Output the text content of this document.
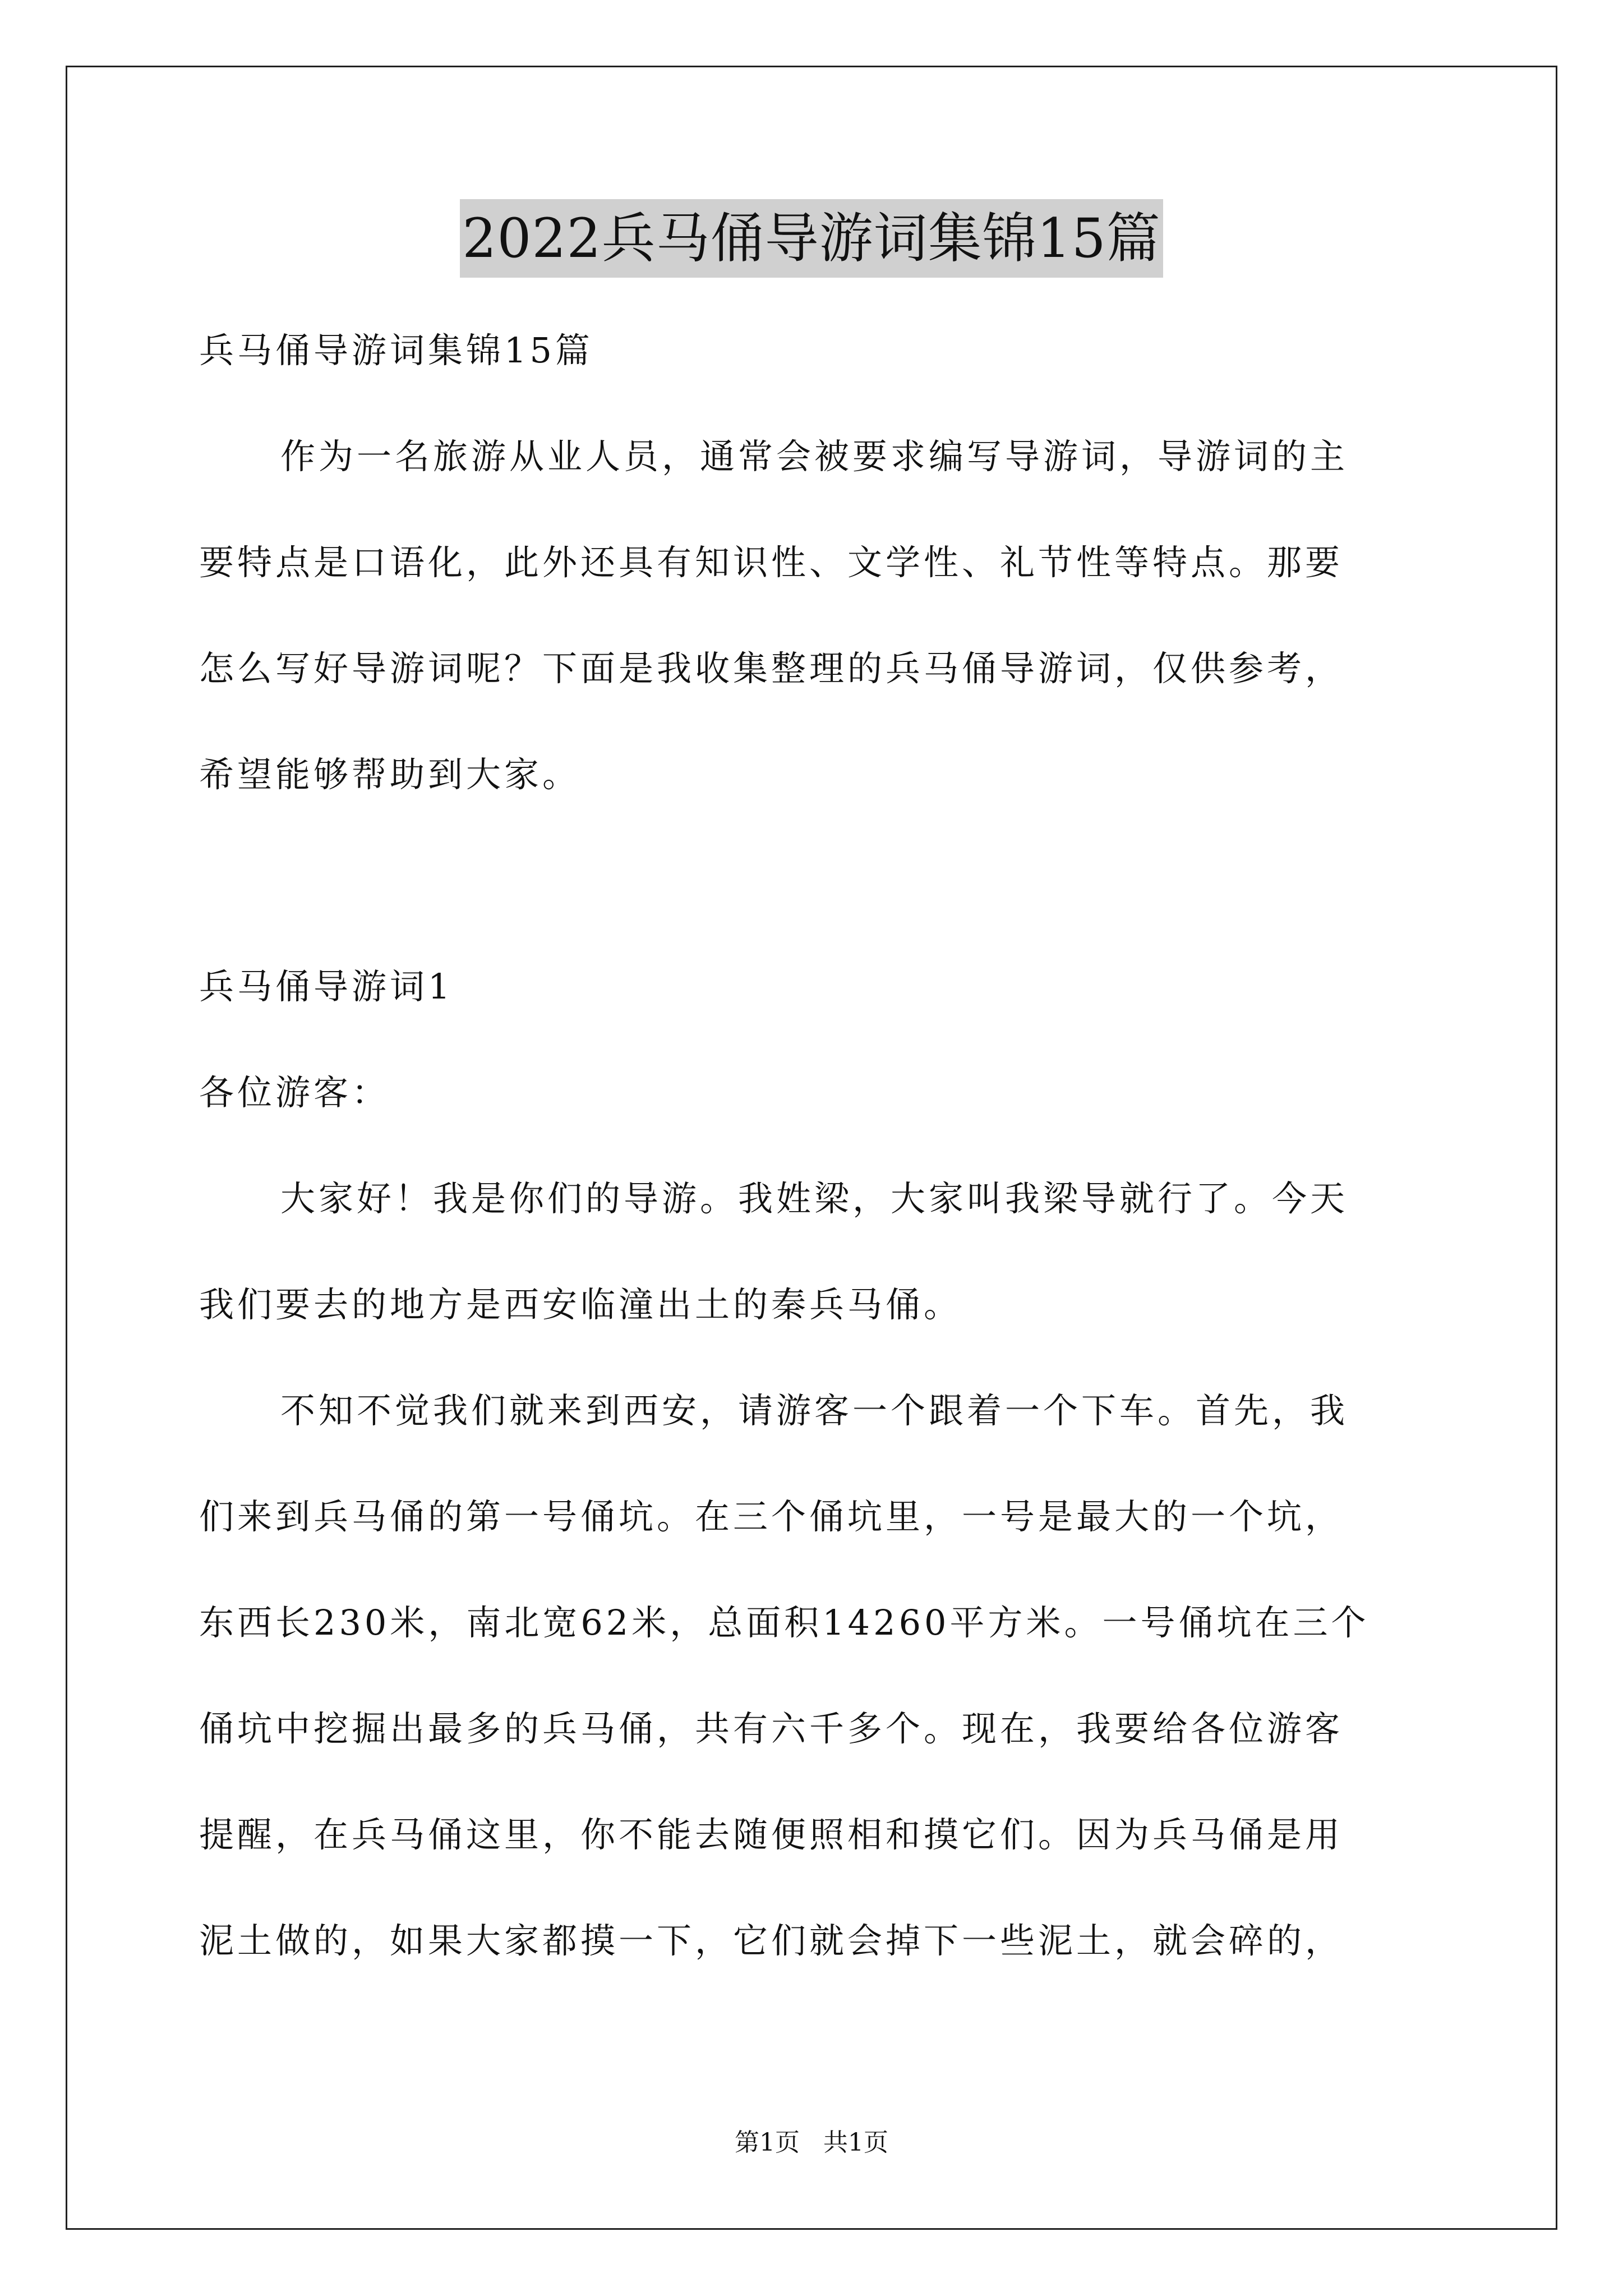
2022兵马俑导游词集锦15篇
兵马俑导游词集锦15篇
作为一名旅游从业人员，通常会被要求编写导游词，导游词的主
要特点是口语化，此外还具有知识性、文学性、礼节性等特点。那要
怎么写好导游词呢？下面是我收集整理的兵马俑导游词，仅供参考，
希望能够帮助到大家。
兵马俑导游词1
各位游客：
大家好！我是你们的导游。我姓梁，大家叫我梁导就行了。今天
我们要去的地方是西安临潼出土的秦兵马俑。
不知不觉我们就来到西安，请游客一个跟着一个下车。首先，我
们来到兵马俑的第一号俑坑。在三个俑坑里，一号是最大的一个坑，
东西长230米，南北宽62米，总面积14260平方米。一号俑坑在三个
俑坑中挖掘出最多的兵马俑，共有六千多个。现在，我要给各位游客
提醒，在兵马俑这里，你不能去随便照相和摸它们。因为兵马俑是用
泥土做的，如果大家都摸一下，它们就会掉下一些泥土，就会碎的，
第1页 共1页
